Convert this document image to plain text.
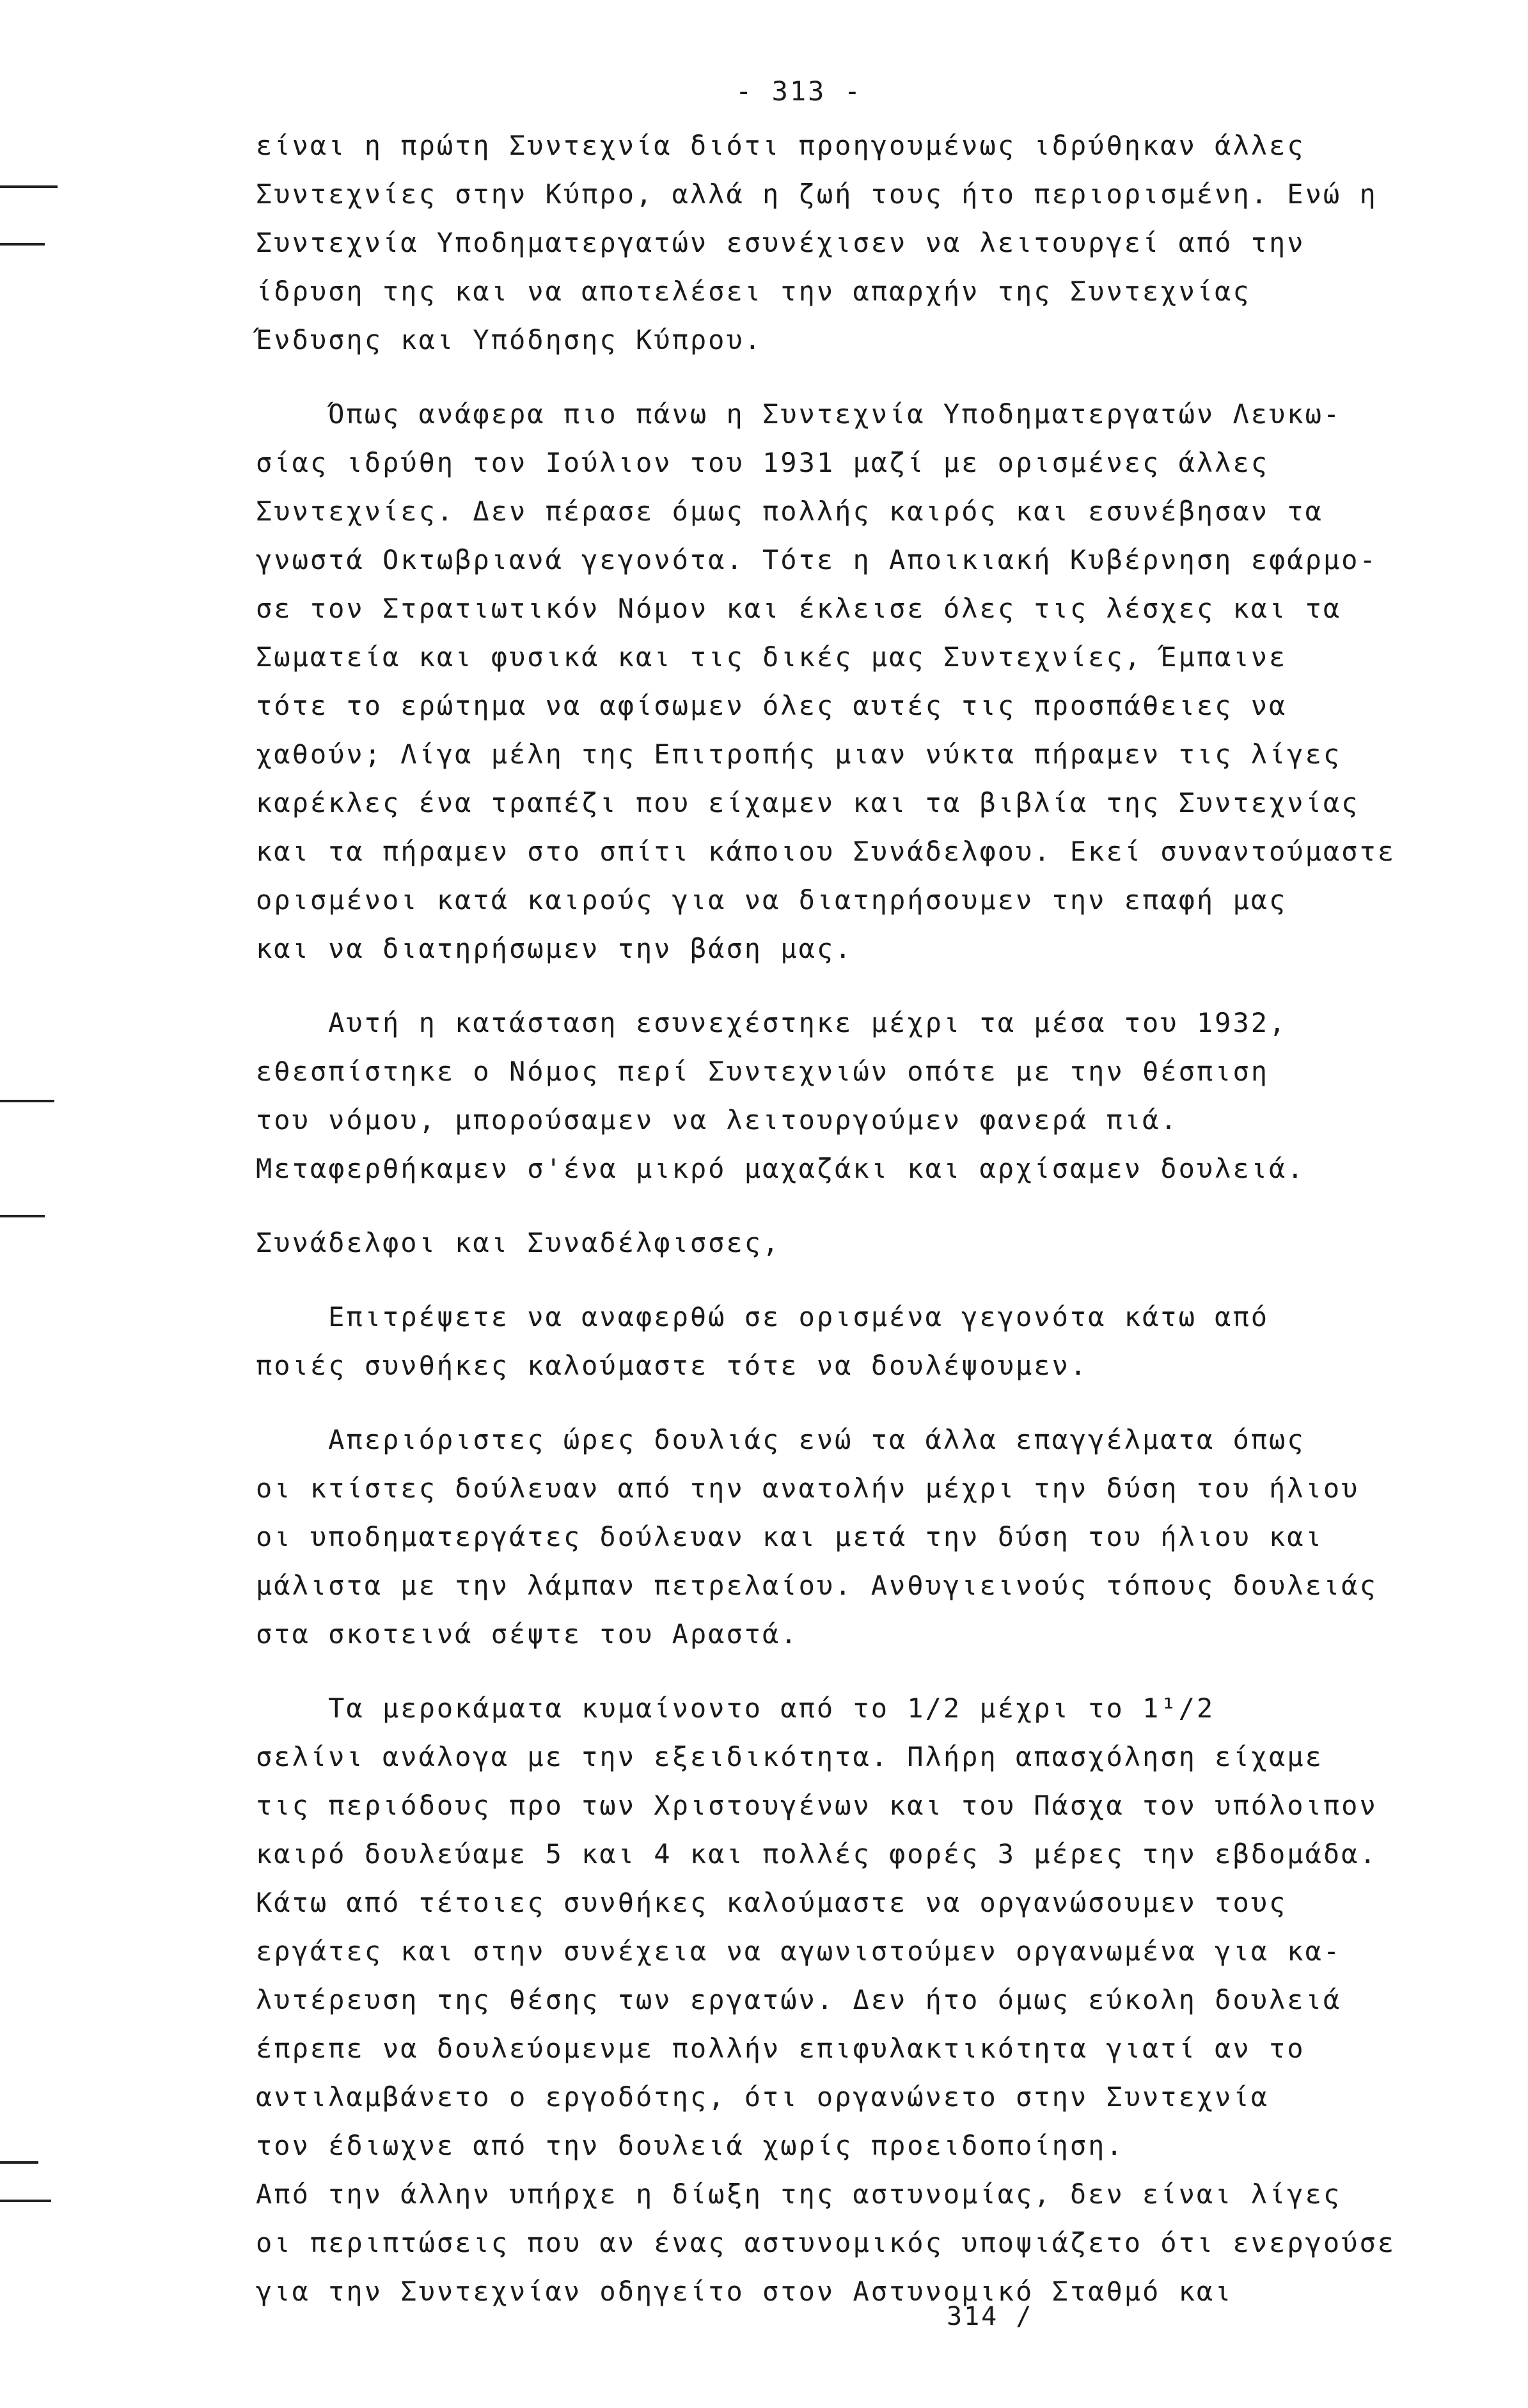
- 313 -
είναι η πρώτη Συντεχνία διότι προηγουμένως ιδρύθηκαν άλλες
Συντεχνίες στην Κύπρο, αλλά η ζωή τους ήτο περιορισμένη. Ενώ η
Συντεχνία Υποδηματεργατών εσυνέχισεν να λειτουργεί από την
ίδρυση της και να αποτελέσει την απαρχήν της Συντεχνίας
Ένδυσης και Υπόδησης Κύπρου.
Όπως ανάφερα πιο πάνω η Συντεχνία Υποδηματεργατών Λευκω-
σίας ιδρύθη τον Ιούλιον του 1931 μαζί με ορισμένες άλλες
Συντεχνίες. Δεν πέρασε όμως πολλής καιρός και εσυνέβησαν τα
γνωστά Οκτωβριανά γεγονότα. Τότε η Αποικιακή Κυβέρνηση εφάρμο-
σε τον Στρατιωτικόν Νόμον και έκλεισε όλες τις λέσχες και τα
Σωματεία και φυσικά και τις δικές μας Συντεχνίες, Έμπαινε
τότε το ερώτημα να αφίσωμεν όλες αυτές τις προσπάθειες να
χαθούν; Λίγα μέλη της Επιτροπής μιαν νύκτα πήραμεν τις λίγες
καρέκλες ένα τραπέζι που είχαμεν και τα βιβλία της Συντεχνίας
και τα πήραμεν στο σπίτι κάποιου Συνάδελφου. Εκεί συναντούμαστε
ορισμένοι κατά καιρούς για να διατηρήσουμεν την επαφή μας
και να διατηρήσωμεν την βάση μας.
Αυτή η κατάσταση εσυνεχέστηκε μέχρι τα μέσα του 1932,
εθεσπίστηκε ο Νόμος περί Συντεχνιών οπότε με την θέσπιση
του νόμου, μπορούσαμεν να λειτουργούμεν φανερά πιά.
Μεταφερθήκαμεν σ'ένα μικρό μαχαζάκι και αρχίσαμεν δουλειά.
Συνάδελφοι και Συναδέλφισσες,
Επιτρέψετε να αναφερθώ σε ορισμένα γεγονότα κάτω από
ποιές συνθήκες καλούμαστε τότε να δουλέψουμεν.
Απεριόριστες ώρες δουλιάς ενώ τα άλλα επαγγέλματα όπως
οι κτίστες δούλευαν από την ανατολήν μέχρι την δύση του ήλιου
οι υποδηματεργάτες δούλευαν και μετά την δύση του ήλιου και
μάλιστα με την λάμπαν πετρελαίου. Ανθυγιεινούς τόπους δουλειάς
στα σκοτεινά σέψτε του Αραστά.
Τα μεροκάματα κυμαίνοντο από το 1/2 μέχρι το 1¹/2
σελίνι ανάλογα με την εξειδικότητα. Πλήρη απασχόληση είχαμε
τις περιόδους προ των Χριστουγένων και του Πάσχα τον υπόλοιπον
καιρό δουλεύαμε 5 και 4 και πολλές φορές 3 μέρες την εβδομάδα.
Κάτω από τέτοιες συνθήκες καλούμαστε να οργανώσουμεν τους
εργάτες και στην συνέχεια να αγωνιστούμεν οργανωμένα για κα-
λυτέρευση της θέσης των εργατών. Δεν ήτο όμως εύκολη δουλειά
έπρεπε να δουλεύομενμε πολλήν επιφυλακτικότητα γιατί αν το
αντιλαμβάνετο ο εργοδότης, ότι οργανώνετο στην Συντεχνία
τον έδιωχνε από την δουλειά χωρίς προειδοποίηση.
Από την άλλην υπήρχε η δίωξη της αστυνομίας, δεν είναι λίγες
οι περιπτώσεις που αν ένας αστυνομικός υποψιάζετο ότι ενεργούσε
για την Συντεχνίαν οδηγείτο στον Αστυνομικό Σταθμό και
314 /
